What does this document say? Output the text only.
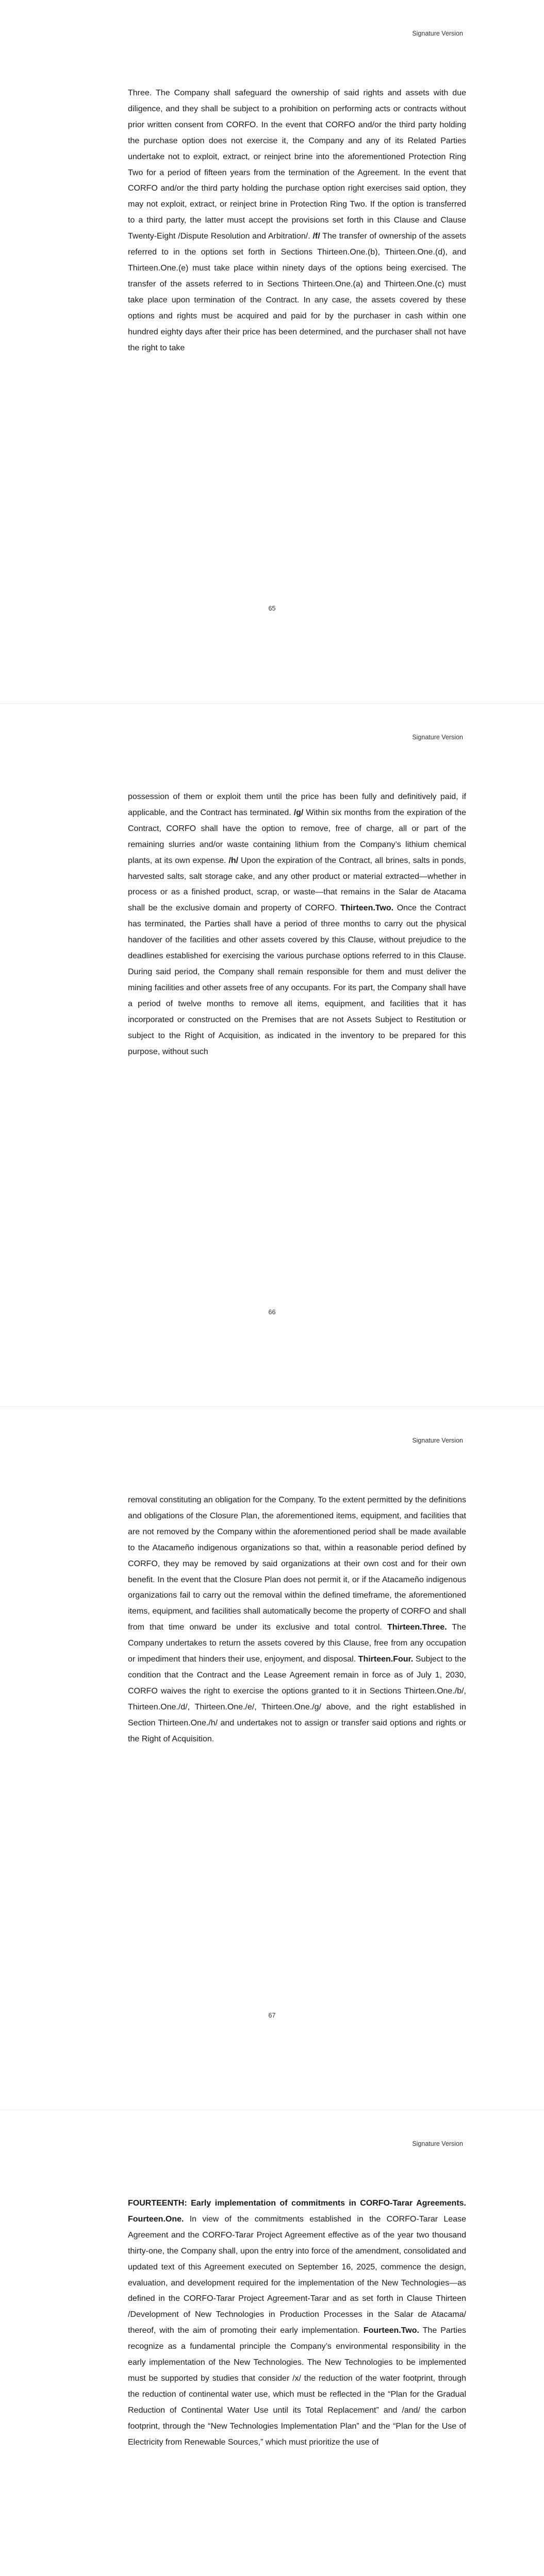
Signature Version

Three. The Company shall safeguard the ownership of said rights and assets with due diligence, and they shall be subject to a prohibition on performing acts or contracts without prior written consent from CORFO. In the event that CORFO and/or the third party holding the purchase option does not exercise it, the Company and any of its Related Parties undertake not to exploit, extract, or reinject brine into the aforementioned Protection Ring Two for a period of fifteen years from the termination of the Agreement. In the event that CORFO and/or the third party holding the purchase option right exercises said option, they may not exploit, extract, or reinject brine in Protection Ring Two. If the option is transferred to a third party, the latter must accept the provisions set forth in this Clause and Clause Twenty-Eight /Dispute Resolution and Arbitration/. /f/ The transfer of ownership of the assets referred to in the options set forth in Sections Thirteen.One.(b), Thirteen.One.(d), and Thirteen.One.(e) must take place within ninety days of the options being exercised. The transfer of the assets referred to in Sections Thirteen.One.(a) and Thirteen.One.(c) must take place upon termination of the Contract. In any case, the assets covered by these options and rights must be acquired and paid for by the purchaser in cash within one hundred eighty days after their price has been determined, and the purchaser shall not have the right to take

65
Signature Version

possession of them or exploit them until the price has been fully and definitively paid, if applicable, and the Contract has terminated. /g/ Within six months from the expiration of the Contract, CORFO shall have the option to remove, free of charge, all or part of the remaining slurries and/or waste containing lithium from the Company’s lithium chemical plants, at its own expense. /h/ Upon the expiration of the Contract, all brines, salts in ponds, harvested salts, salt storage cake, and any other product or material extracted—whether in process or as a finished product, scrap, or waste—that remains in the Salar de Atacama shall be the exclusive domain and property of CORFO. Thirteen.Two. Once the Contract has terminated, the Parties shall have a period of three months to carry out the physical handover of the facilities and other assets covered by this Clause, without prejudice to the deadlines established for exercising the various purchase options referred to in this Clause. During said period, the Company shall remain responsible for them and must deliver the mining facilities and other assets free of any occupants. For its part, the Company shall have a period of twelve months to remove all items, equipment, and facilities that it has incorporated or constructed on the Premises that are not Assets Subject to Restitution or subject to the Right of Acquisition, as indicated in the inventory to be prepared for this purpose, without such

66
Signature Version

removal constituting an obligation for the Company. To the extent permitted by the definitions and obligations of the Closure Plan, the aforementioned items, equipment, and facilities that are not removed by the Company within the aforementioned period shall be made available to the Atacameño indigenous organizations so that, within a reasonable period defined by CORFO, they may be removed by said organizations at their own cost and for their own benefit. In the event that the Closure Plan does not permit it, or if the Atacameño indigenous organizations fail to carry out the removal within the defined timeframe, the aforementioned items, equipment, and facilities shall automatically become the property of CORFO and shall from that time onward be under its exclusive and total control. Thirteen.Three. The Company undertakes to return the assets covered by this Clause, free from any occupation or impediment that hinders their use, enjoyment, and disposal. Thirteen.Four. Subject to the condition that the Contract and the Lease Agreement remain in force as of July 1, 2030, CORFO waives the right to exercise the options granted to it in Sections Thirteen.One./b/, Thirteen.One./d/, Thirteen.One./e/, Thirteen.One./g/ above, and the right established in Section Thirteen.One./h/ and undertakes not to assign or transfer said options and rights or the Right of Acquisition.

67
Signature Version

FOURTEENTH: Early implementation of commitments in CORFO-Tarar Agreements. Fourteen.One. In view of the commitments established in the CORFO-Tarar Lease Agreement and the CORFO-Tarar Project Agreement effective as of the year two thousand thirty-one, the Company shall, upon the entry into force of the amendment, consolidated and updated text of this Agreement executed on September 16, 2025, commence the design, evaluation, and development required for the implementation of the New Technologies—as defined in the CORFO-Tarar Project Agreement-Tarar and as set forth in Clause Thirteen /Development of New Technologies in Production Processes in the Salar de Atacama/ thereof, with the aim of promoting their early implementation. Fourteen.Two. The Parties recognize as a fundamental principle the Company’s environmental responsibility in the early implementation of the New Technologies. The New Technologies to be implemented must be supported by studies that consider /x/ the reduction of the water footprint, through the reduction of continental water use, which must be reflected in the “Plan for the Gradual Reduction of Continental Water Use until its Total Replacement” and /and/ the carbon footprint, through the “New Technologies Implementation Plan” and the “Plan for the Use of Electricity from Renewable Sources,” which must prioritize the use of
